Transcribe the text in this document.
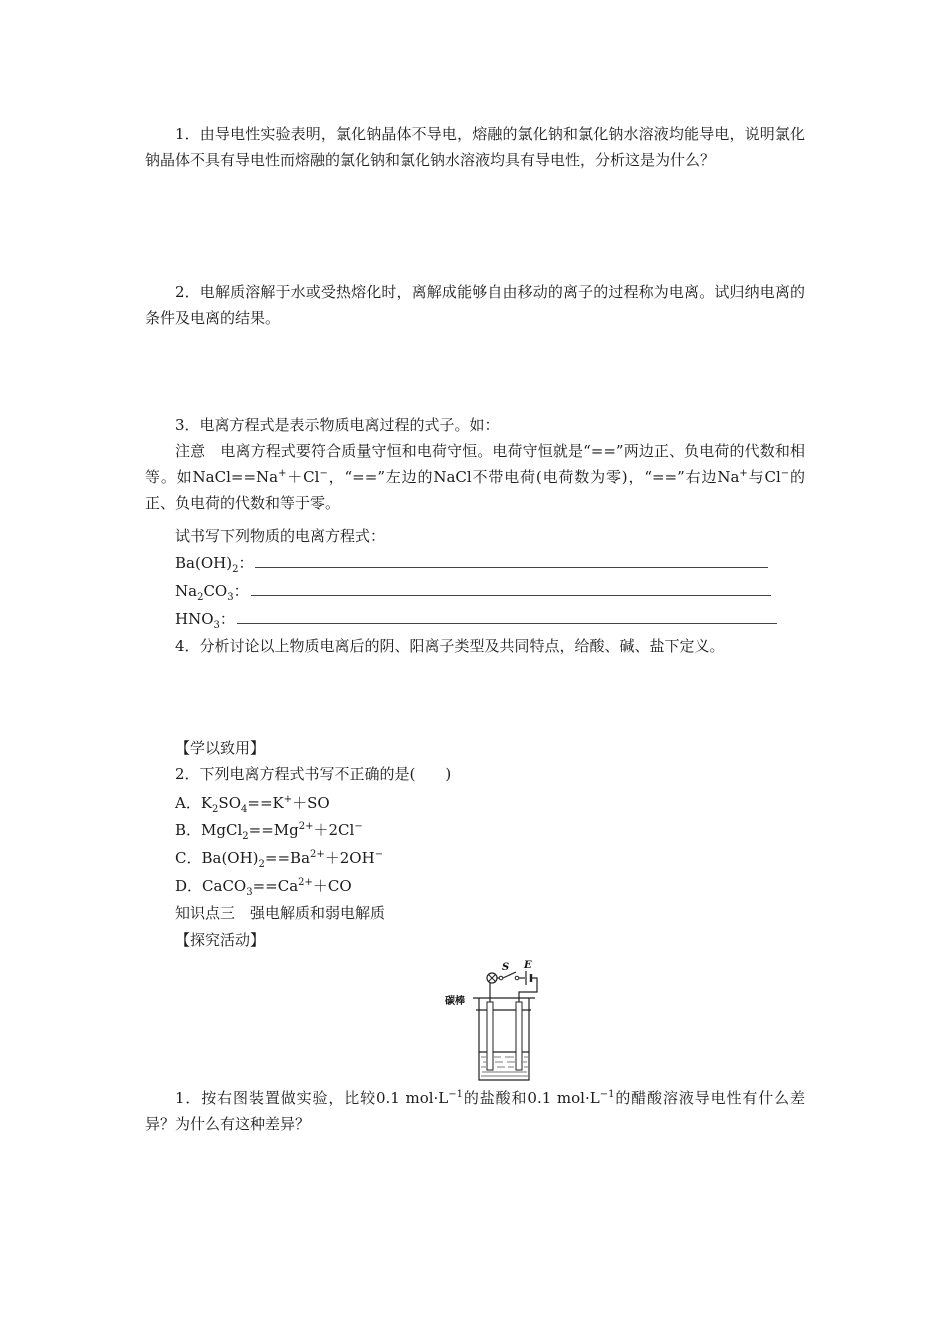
1．由导电性实验表明，氯化钠晶体不导电，熔融的氯化钠和氯化钠水溶液均能导电，说明氯化钠晶体不具有导电性而熔融的氯化钠和氯化钠水溶液均具有导电性，分析这是为什么？

2．电解质溶解于水或受热熔化时，离解成能够自由移动的离子的过程称为电离。试归纳电离的条件及电离的结果。

3．电离方程式是表示物质电离过程的式子。如：

注意　电离方程式要符合质量守恒和电荷守恒。电荷守恒就是“==”两边正、负电荷的代数和相等。如NaCl==Na+＋Cl−，“==”左边的NaCl不带电荷(电荷数为零)，“==”右边Na+与Cl−的正、负电荷的代数和等于零。

试书写下列物质的电离方程式：

$Ba(OH)_2$：
$Na_2CO_3$：
$HNO_3$：

4．分析讨论以上物质电离后的阴、阳离子类型及共同特点，给酸、碱、盐下定义。

【学以致用】
2．下列电离方程式书写不正确的是(　　)
A．$K_2SO_4==K^++SO$
B．$MgCl_2==Mg^{2+}+2Cl^-$
C．$Ba(OH)_2==Ba^{2+}+2OH^-$
D．$CaCO_3==Ca^{2+}+CO$
知识点三　强电解质和弱电解质
【探究活动】
S E
碳棒

1．按右图装置做实验，比较0.1 $mol\cdot L^{-1}$的盐酸和0.1 $mol\cdot L^{-1}$的醋酸溶液导电性有什么差异？为什么有这种差异？
